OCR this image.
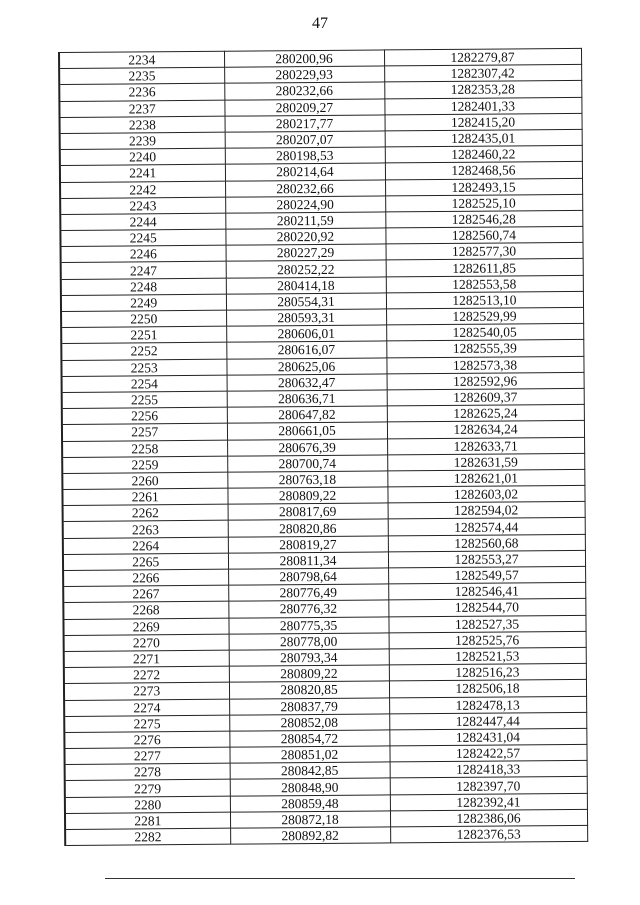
47
2234	280200,96	1282279,87
2235	280229,93	1282307,42
2236	280232,66	1282353,28
2237	280209,27	1282401,33
2238	280217,77	1282415,20
2239	280207,07	1282435,01
2240	280198,53	1282460,22
2241	280214,64	1282468,56
2242	280232,66	1282493,15
2243	280224,90	1282525,10
2244	280211,59	1282546,28
2245	280220,92	1282560,74
2246	280227,29	1282577,30
2247	280252,22	1282611,85
2248	280414,18	1282553,58
2249	280554,31	1282513,10
2250	280593,31	1282529,99
2251	280606,01	1282540,05
2252	280616,07	1282555,39
2253	280625,06	1282573,38
2254	280632,47	1282592,96
2255	280636,71	1282609,37
2256	280647,82	1282625,24
2257	280661,05	1282634,24
2258	280676,39	1282633,71
2259	280700,74	1282631,59
2260	280763,18	1282621,01
2261	280809,22	1282603,02
2262	280817,69	1282594,02
2263	280820,86	1282574,44
2264	280819,27	1282560,68
2265	280811,34	1282553,27
2266	280798,64	1282549,57
2267	280776,49	1282546,41
2268	280776,32	1282544,70
2269	280775,35	1282527,35
2270	280778,00	1282525,76
2271	280793,34	1282521,53
2272	280809,22	1282516,23
2273	280820,85	1282506,18
2274	280837,79	1282478,13
2275	280852,08	1282447,44
2276	280854,72	1282431,04
2277	280851,02	1282422,57
2278	280842,85	1282418,33
2279	280848,90	1282397,70
2280	280859,48	1282392,41
2281	280872,18	1282386,06
2282	280892,82	1282376,53
